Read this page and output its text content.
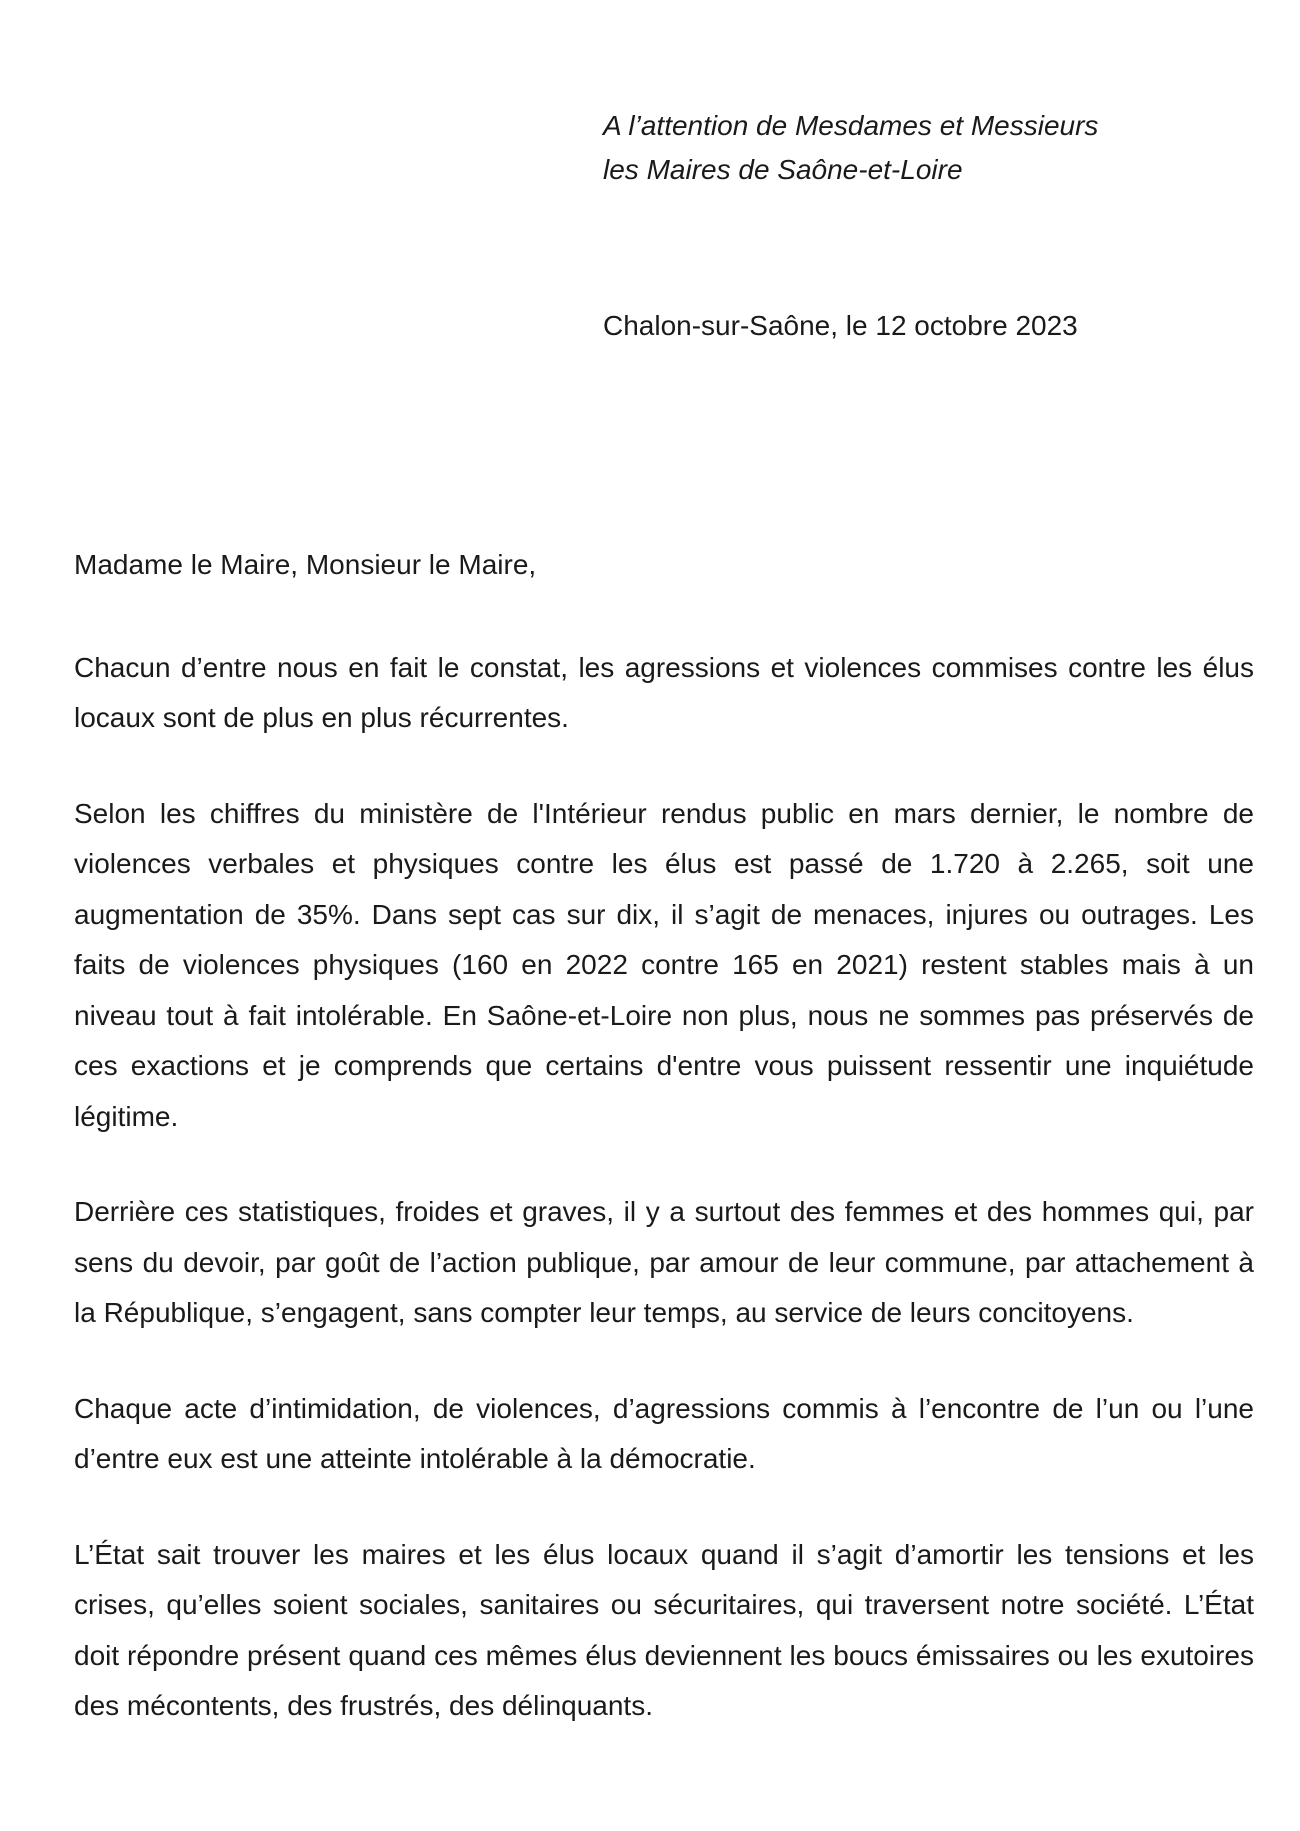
A l’attention de Mesdames et Messieurs
les Maires de Saône-et-Loire
Chalon-sur-Saône, le 12 octobre 2023

Madame le Maire, Monsieur le Maire,

Chacun d’entre nous en fait le constat, les agressions et violences commises contre les élus locaux sont de plus en plus récurrentes.

Selon les chiffres du ministère de l'Intérieur rendus public en mars dernier, le nombre de violences verbales et physiques contre les élus est passé de 1.720 à 2.265, soit une augmentation de 35%. Dans sept cas sur dix, il s’agit de menaces, injures ou outrages. Les faits de violences physiques (160 en 2022 contre 165 en 2021) restent stables mais à un niveau tout à fait intolérable. En Saône-et-Loire non plus, nous ne sommes pas préservés de ces exactions et je comprends que certains d'entre vous puissent ressentir une inquiétude légitime.

Derrière ces statistiques, froides et graves, il y a surtout des femmes et des hommes qui, par sens du devoir, par goût de l’action publique, par amour de leur commune, par attachement à la République, s’engagent, sans compter leur temps, au service de leurs concitoyens.

Chaque acte d’intimidation, de violences, d’agressions commis à l’encontre de l’un ou l’une d’entre eux est une atteinte intolérable à la démocratie.

L’État sait trouver les maires et les élus locaux quand il s’agit d’amortir les tensions et les crises, qu’elles soient sociales, sanitaires ou sécuritaires, qui traversent notre société. L’État doit répondre présent quand ces mêmes élus deviennent les boucs émissaires ou les exutoires des mécontents, des frustrés, des délinquants.
